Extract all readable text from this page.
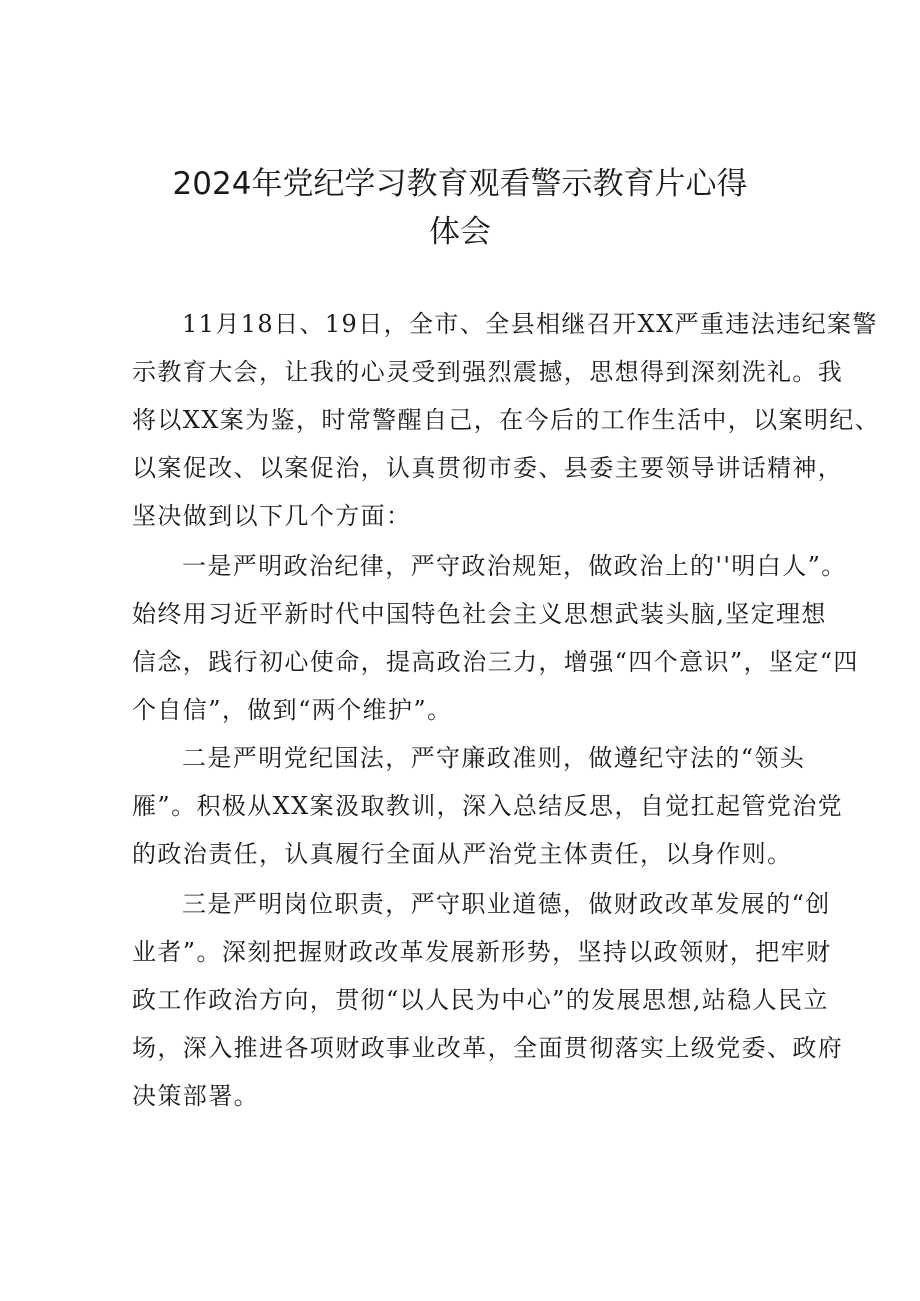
2024年党纪学习教育观看警示教育片心得
体会
11月18日、19日，全市、全县相继召开XX严重违法违纪案警
示教育大会，让我的心灵受到强烈震撼，思想得到深刻洗礼。我
将以XX案为鉴，时常警醒自己，在今后的工作生活中，以案明纪、
以案促改、以案促治，认真贯彻市委、县委主要领导讲话精神，
坚决做到以下几个方面：
一是严明政治纪律，严守政治规矩，做政治上的''明白人”。
始终用习近平新时代中国特色社会主义思想武装头脑,坚定理想
信念，践行初心使命，提高政治三力，增强“四个意识”，坚定“四
个自信”，做到“两个维护”。
二是严明党纪国法，严守廉政准则，做遵纪守法的“领头
雁”。积极从XX案汲取教训，深入总结反思，自觉扛起管党治党
的政治责任，认真履行全面从严治党主体责任，以身作则。
三是严明岗位职责，严守职业道德，做财政改革发展的“创
业者”。深刻把握财政改革发展新形势，坚持以政领财，把牢财
政工作政治方向，贯彻“以人民为中心”的发展思想,站稳人民立
场，深入推进各项财政事业改革，全面贯彻落实上级党委、政府
决策部署。
